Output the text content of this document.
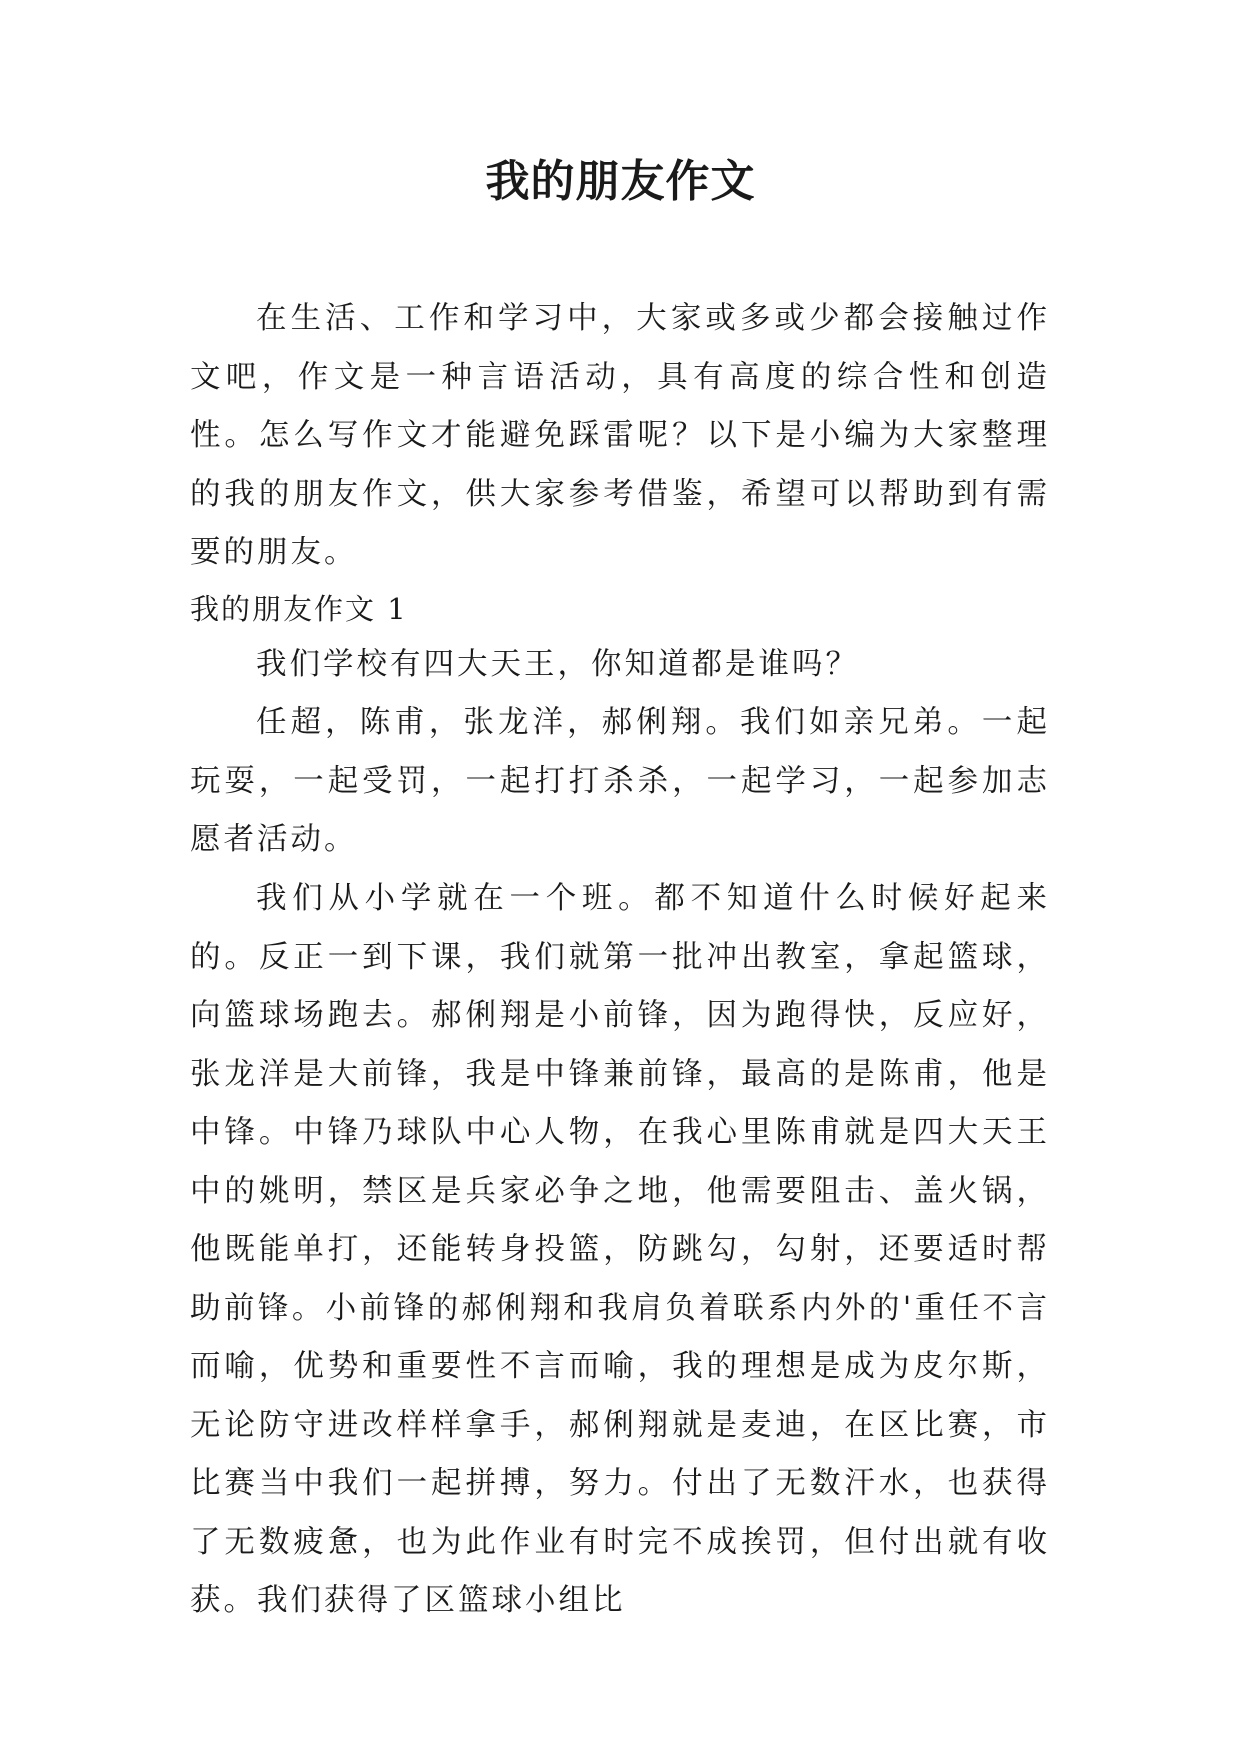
我的朋友作文

在生活、工作和学习中，大家或多或少都会接触过作文吧，作文是一种言语活动，具有高度的综合性和创造性。怎么写作文才能避免踩雷呢？以下是小编为大家整理的我的朋友作文，供大家参考借鉴，希望可以帮助到有需要的朋友。

我的朋友作文 1

我们学校有四大天王，你知道都是谁吗？

任超，陈甫，张龙洋，郝俐翔。我们如亲兄弟。一起玩耍，一起受罚，一起打打杀杀，一起学习，一起参加志愿者活动。

我们从小学就在一个班。都不知道什么时候好起来的。反正一到下课，我们就第一批冲出教室，拿起篮球，向篮球场跑去。郝俐翔是小前锋，因为跑得快，反应好，张龙洋是大前锋，我是中锋兼前锋，最高的是陈甫，他是中锋。中锋乃球队中心人物，在我心里陈甫就是四大天王中的姚明，禁区是兵家必争之地，他需要阻击、盖火锅，他既能单打，还能转身投篮，防跳勾，勾射，还要适时帮助前锋。小前锋的郝俐翔和我肩负着联系内外的'重任不言而喻，优势和重要性不言而喻，我的理想是成为皮尔斯，无论防守进改样样拿手，郝俐翔就是麦迪，在区比赛，市比赛当中我们一起拼搏，努力。付出了无数汗水，也获得了无数疲惫，也为此作业有时完不成挨罚，但付出就有收获。我们获得了区篮球小组比
